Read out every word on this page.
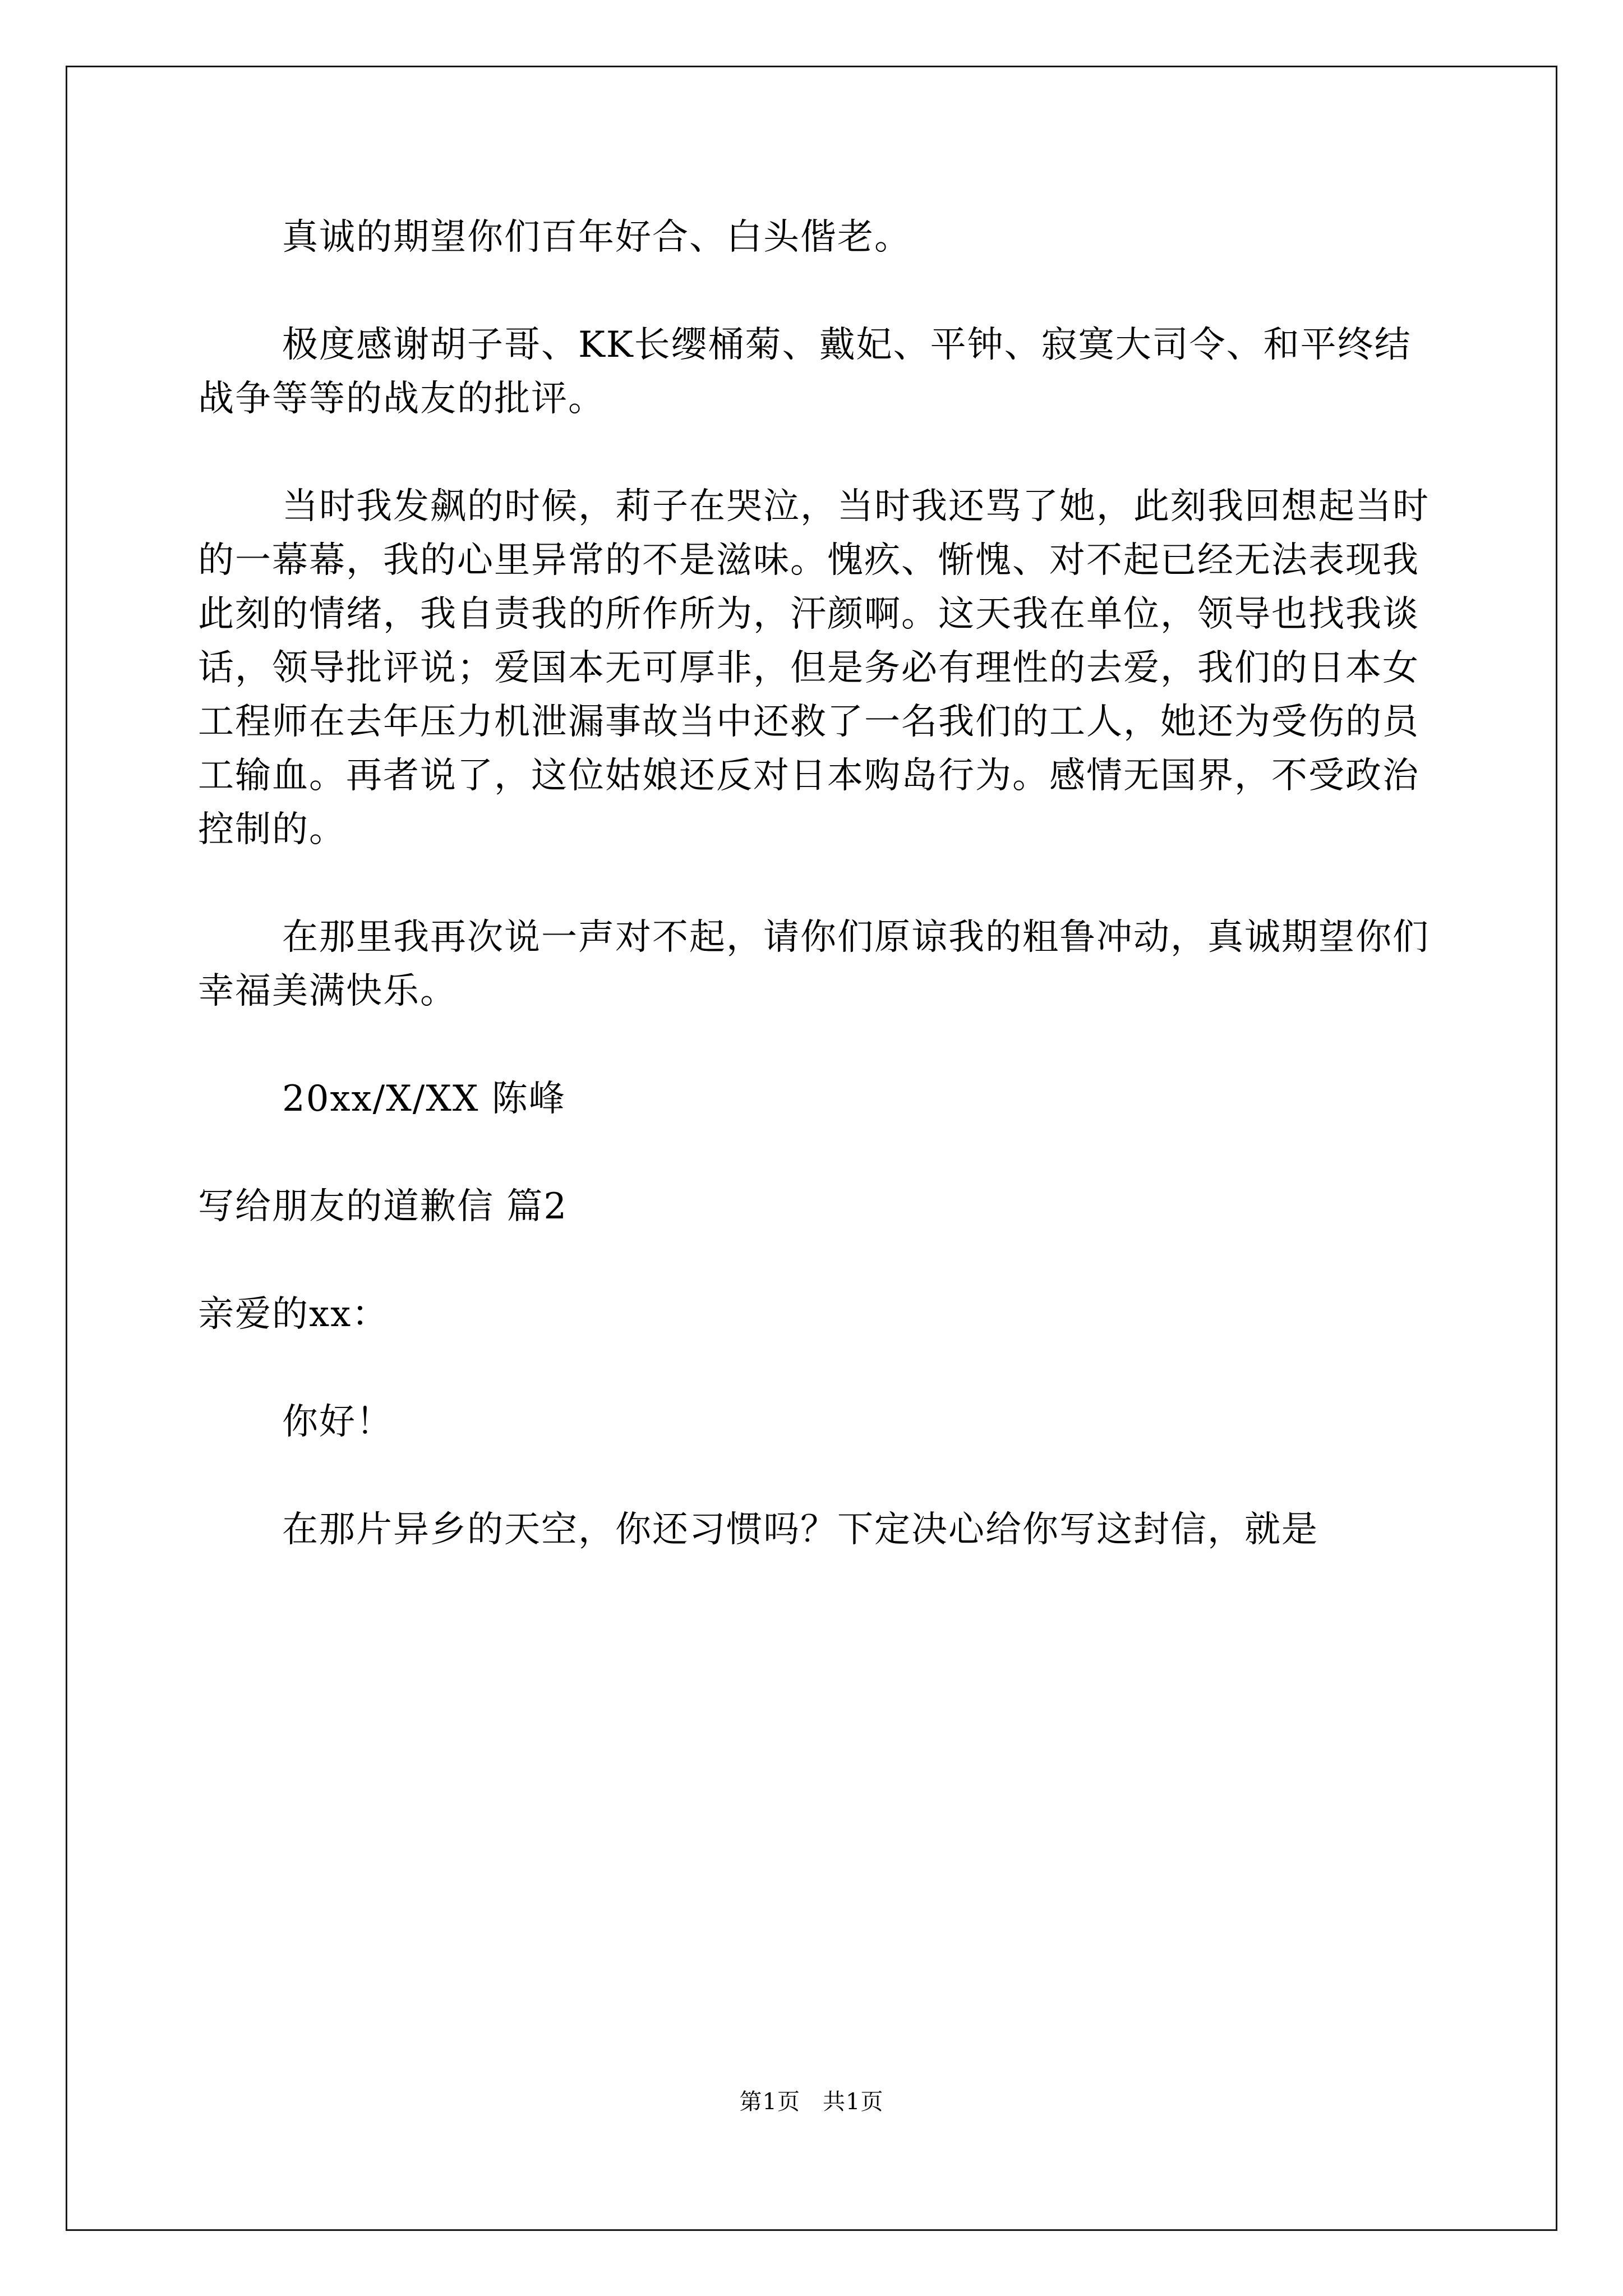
真诚的期望你们百年好合、白头偕老。

极度感谢胡子哥、KK长缨桶菊、戴妃、平钟、寂寞大司令、和平终结战争等等的战友的批评。

当时我发飙的时候，莉子在哭泣，当时我还骂了她，此刻我回想起当时的一幕幕，我的心里异常的不是滋味。愧疚、惭愧、对不起已经无法表现我此刻的情绪，我自责我的所作所为，汗颜啊。这天我在单位，领导也找我谈话，领导批评说；爱国本无可厚非，但是务必有理性的去爱，我们的日本女工程师在去年压力机泄漏事故当中还救了一名我们的工人，她还为受伤的员工输血。再者说了，这位姑娘还反对日本购岛行为。感情无国界，不受政治控制的。

在那里我再次说一声对不起，请你们原谅我的粗鲁冲动，真诚期望你们幸福美满快乐。

20xx/X/XX 陈峰

写给朋友的道歉信 篇2

亲爱的xx：

你好！

在那片异乡的天空，你还习惯吗？下定决心给你写这封信，就是

第1页 共1页
